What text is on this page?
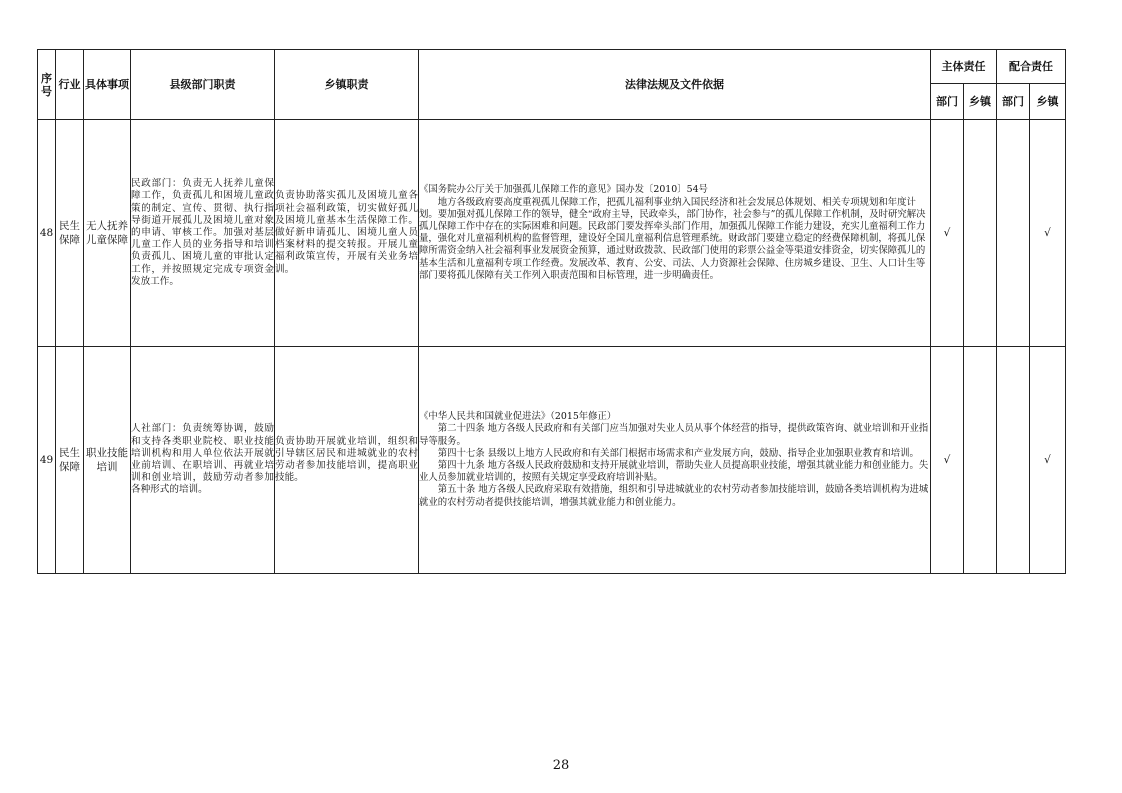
序号	行业	具体事项	县级部门职责	乡镇职责	法律法规及文件依据	主体责任		配合责任	
						部门	乡镇	部门	乡镇
48	民生保障	无人抚养儿童保障	民政部门：负责无人抚养儿童保障工作，负责孤儿和困境儿童政策的制定、宣传、贯彻、执行指导街道开展孤儿及困境儿童对象的申请、审核工作。加强对基层儿童工作人员的业务指导和培训负责孤儿、困境儿童的审批认定工作，并按照规定完成专项资金发放工作。	负责协助落实孤儿及困境儿童各项社会福利政策，切实做好孤儿及困境儿童基本生活保障工作。做好新申请孤儿、困境儿童人员档案材料的提交转报。开展儿童福利政策宣传，开展有关业务培训。	《国务院办公厅关于加强孤儿保障工作的意见》国办发〔2010〕54号

地方各级政府要高度重视孤儿保障工作，把孤儿福利事业纳入国民经济和社会发展总体规划、相关专项规划和年度计划。要加强对孤儿保障工作的领导，健全“政府主导，民政牵头，部门协作，社会参与”的孤儿保障工作机制，及时研究解决孤儿保障工作中存在的实际困难和问题。民政部门要发挥牵头部门作用，加强孤儿保障工作能力建设，充实儿童福利工作力量，强化对儿童福利机构的监督管理，建设好全国儿童福利信息管理系统。财政部门要建立稳定的经费保障机制，将孤儿保障所需资金纳入社会福利事业发展资金预算，通过财政拨款、民政部门使用的彩票公益金等渠道安排资金，切实保障孤儿的基本生活和儿童福利专项工作经费。发展改革、教育、公安、司法、人力资源社会保障、住房城乡建设、卫生、人口计生等部门要将孤儿保障有关工作列入职责范围和目标管理，进一步明确责任。	√			√
49	民生保障	职业技能培训	人社部门：负责统筹协调，鼓励和支持各类职业院校、职业技能培训机构和用人单位依法开展就业前培训、在职培训、再就业培训和创业培训，鼓励劳动者参加各种形式的培训。	负责协助开展就业培训，组织和引导辖区居民和进城就业的农村劳动者参加技能培训，提高职业技能。	《中华人民共和国就业促进法》（2015年修正）

第二十四条 地方各级人民政府和有关部门应当加强对失业人员从事个体经营的指导，提供政策咨询、就业培训和开业指导等服务。

第四十七条 县级以上地方人民政府和有关部门根据市场需求和产业发展方向，鼓励、指导企业加强职业教育和培训。

第四十九条 地方各级人民政府鼓励和支持开展就业培训，帮助失业人员提高职业技能，增强其就业能力和创业能力。失业人员参加就业培训的，按照有关规定享受政府培训补贴。

第五十条 地方各级人民政府采取有效措施，组织和引导进城就业的农村劳动者参加技能培训，鼓励各类培训机构为进城就业的农村劳动者提供技能培训，增强其就业能力和创业能力。	√			√
28
